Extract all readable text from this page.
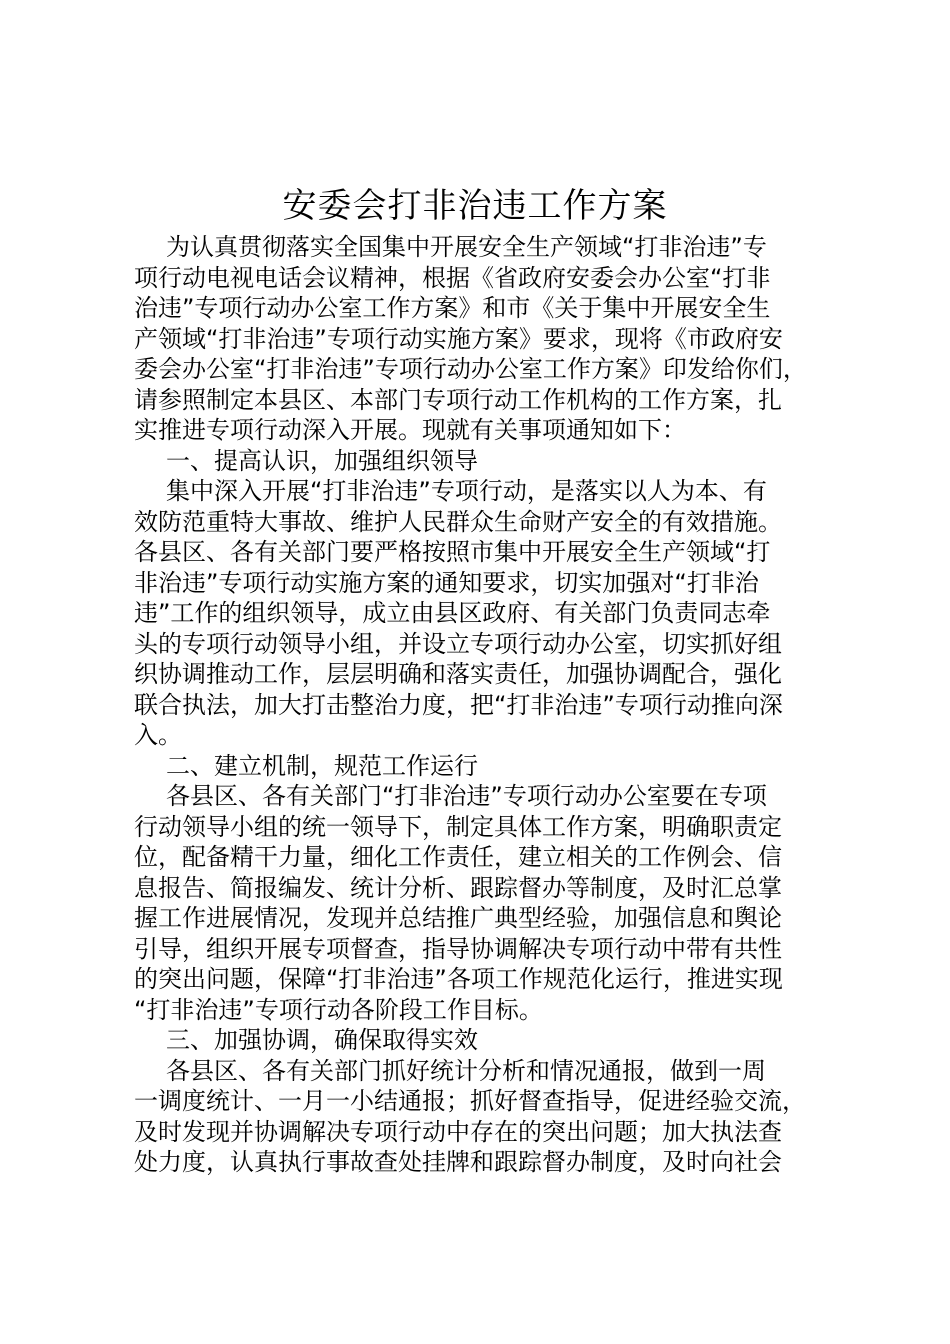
安委会打非治违工作方案
为认真贯彻落实全国集中开展安全生产领域“打非治违”专
项行动电视电话会议精神，根据《省政府安委会办公室“打非
治违”专项行动办公室工作方案》和市《关于集中开展安全生
产领域“打非治违”专项行动实施方案》要求，现将《市政府安
委会办公室“打非治违”专项行动办公室工作方案》印发给你们，
请参照制定本县区、本部门专项行动工作机构的工作方案，扎
实推进专项行动深入开展。现就有关事项通知如下：
一、提高认识，加强组织领导
集中深入开展“打非治违”专项行动，是落实以人为本、有
效防范重特大事故、维护人民群众生命财产安全的有效措施。
各县区、各有关部门要严格按照市集中开展安全生产领域“打
非治违”专项行动实施方案的通知要求，切实加强对“打非治
违”工作的组织领导，成立由县区政府、有关部门负责同志牵
头的专项行动领导小组，并设立专项行动办公室，切实抓好组
织协调推动工作，层层明确和落实责任，加强协调配合，强化
联合执法，加大打击整治力度，把“打非治违”专项行动推向深
入。
二、建立机制，规范工作运行
各县区、各有关部门“打非治违”专项行动办公室要在专项
行动领导小组的统一领导下，制定具体工作方案，明确职责定
位，配备精干力量，细化工作责任，建立相关的工作例会、信
息报告、简报编发、统计分析、跟踪督办等制度，及时汇总掌
握工作进展情况，发现并总结推广典型经验，加强信息和舆论
引导，组织开展专项督查，指导协调解决专项行动中带有共性
的突出问题，保障“打非治违”各项工作规范化运行，推进实现
“打非治违”专项行动各阶段工作目标。
三、加强协调，确保取得实效
各县区、各有关部门抓好统计分析和情况通报，做到一周
一调度统计、一月一小结通报；抓好督查指导，促进经验交流，
及时发现并协调解决专项行动中存在的突出问题；加大执法查
处力度，认真执行事故查处挂牌和跟踪督办制度，及时向社会
